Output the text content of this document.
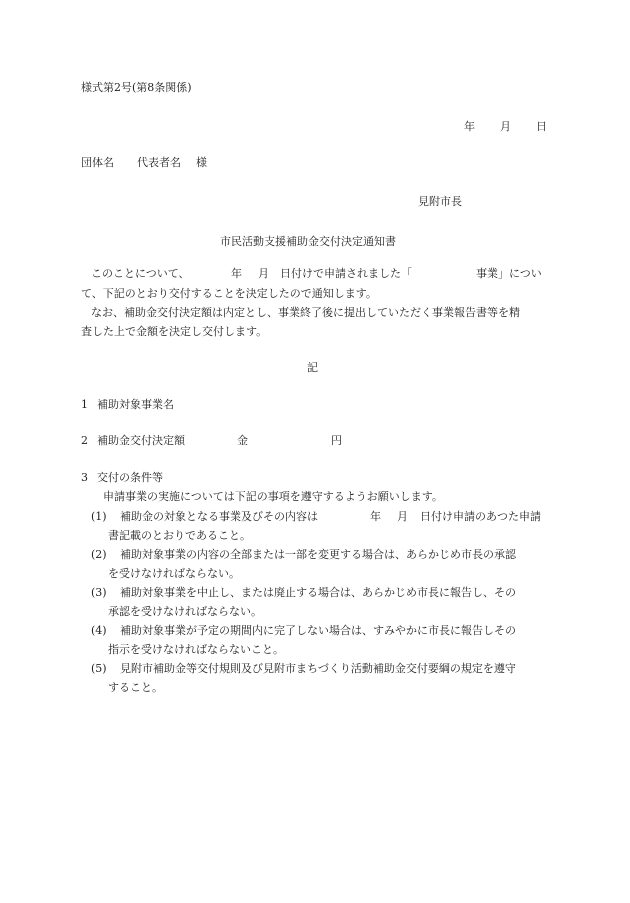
様式第2号(第8条関係)
年 月 日
団体名 代表者名 様
見附市長
市民活動支援補助金交付決定通知書
このことについて、	年 月 日付けで申請されました「	事業」につい
て、下記のとおり交付することを決定したので通知します。
なお、補助金交付決定額は内定とし、事業終了後に提出していただく事業報告書等を精
査した上で金額を決定し交付します。
記
1 補助対象事業名
2 補助金交付決定額	金	円
3 交付の条件等
申請事業の実施については下記の事項を遵守するようお願いします。
(1) 補助金の対象となる事業及びその内容は	年 月 日付け申請のあつた申請
書記載のとおりであること。
(2) 補助対象事業の内容の全部または一部を変更する場合は、あらかじめ市長の承認
を受けなければならない。
(3) 補助対象事業を中止し、または廃止する場合は、あらかじめ市長に報告し、その
承認を受けなければならない。
(4) 補助対象事業が予定の期間内に完了しない場合は、すみやかに市長に報告しその
指示を受けなければならないこと。
(5) 見附市補助金等交付規則及び見附市まちづくり活動補助金交付要綱の規定を遵守
すること。
